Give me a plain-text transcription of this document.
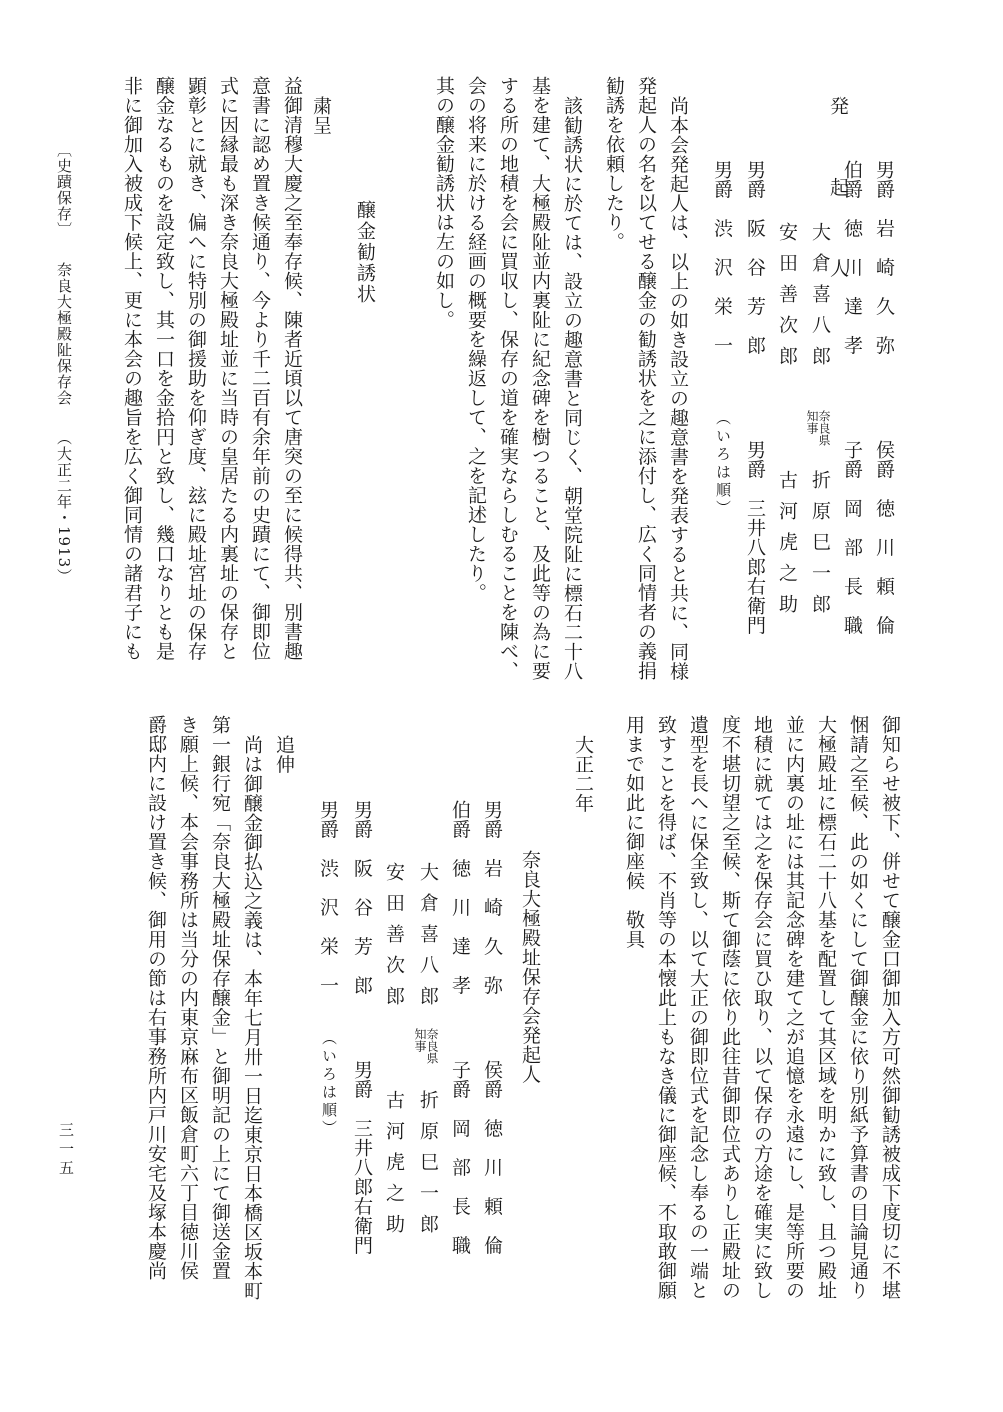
発 起 人 男爵　岩　崎　久　弥
侯爵　徳　川　頼　倫
伯爵　徳　川　達　孝
子爵　岡　部　長　職
大倉喜八郎
奈良県
知事
折原巳一郎
安田善次郎
古河虎之助
男爵　阪　谷　芳　郎
男爵　三井八郎右衛門
男爵　渋　沢　栄　一
（いろは順）
尚本会発起人は、以上の如き設立の趣意書を発表すると共に、同様
発起人の名を以てせる醸金の勧誘状を之に添付し、広く同情者の義捐
勧誘を依頼したり。
該勧誘状に於ては、設立の趣意書と同じく、朝堂院阯に標石二十八
基を建て、大極殿阯並内裏阯に紀念碑を樹つること、及此等の為に要
する所の地積を会に買収し、保存の道を確実ならしむることを陳べ、
会の将来に於ける経画の概要を繰返して、之を記述したり。
其の醸金勧誘状は左の如し。
醸金勧誘状
粛呈
益御清穆大慶之至奉存候、陳者近頃以て唐突の至に候得共、別書趣
意書に認め置き候通り、今より千二百有余年前の史蹟にて、御即位
式に因縁最も深き奈良大極殿址並に当時の皇居たる内裏址の保存と
顕彰とに就き、偏へに特別の御援助を仰ぎ度、玆に殿址宮址の保存
醸金なるものを設定致し、其一口を金拾円と致し、幾口なりとも是
非に御加入被成下候上、更に本会の趣旨を広く御同情の諸君子にも
御知らせ被下、併せて醸金口御加入方可然御勧誘被成下度切に不堪
悃請之至候、此の如くにして御醸金に依り別紙予算書の目論見通り
大極殿址に標石二十八基を配置して其区域を明かに致し、且つ殿址
並に内裏の址には其記念碑を建て之が追憶を永遠にし、是等所要の
地積に就ては之を保存会に買ひ取り、以て保存の方途を確実に致し
度不堪切望之至候、斯て御蔭に依り此往昔御即位式ありし正殿址の
遺型を長へに保全致し、以て大正の御即位式を記念し奉るの一端と
致すことを得ば、不肖等の本懐此上もなき儀に御座候、不取敢御願
用まで如此に御座候　敬具
大正二年
奈良大極殿址保存会発起人
男爵　岩　崎　久　弥
侯爵　徳　川　頼　倫
伯爵　徳　川　達　孝
子爵　岡　部　長　職
大倉喜八郎
奈良県
知事
折原巳一郎
安田善次郎
古河虎之助
男爵　阪　谷　芳　郎
男爵　三井八郎右衛門
男爵　渋　沢　栄　一
（いろは順）
追伸
尚は御醸金御払込之義は、本年七月卅一日迄東京日本橋区坂本町
第一銀行宛「奈良大極殿址保存醸金」と御明記の上にて御送金置
き願上候、本会事務所は当分の内東京麻布区飯倉町六丁目徳川侯
爵邸内に設け置き候、御用の節は右事務所内戸川安宅及塚本慶尚
〔史蹟保存〕
奈良大極殿阯保存会
（大正二年・1913）
三一五
